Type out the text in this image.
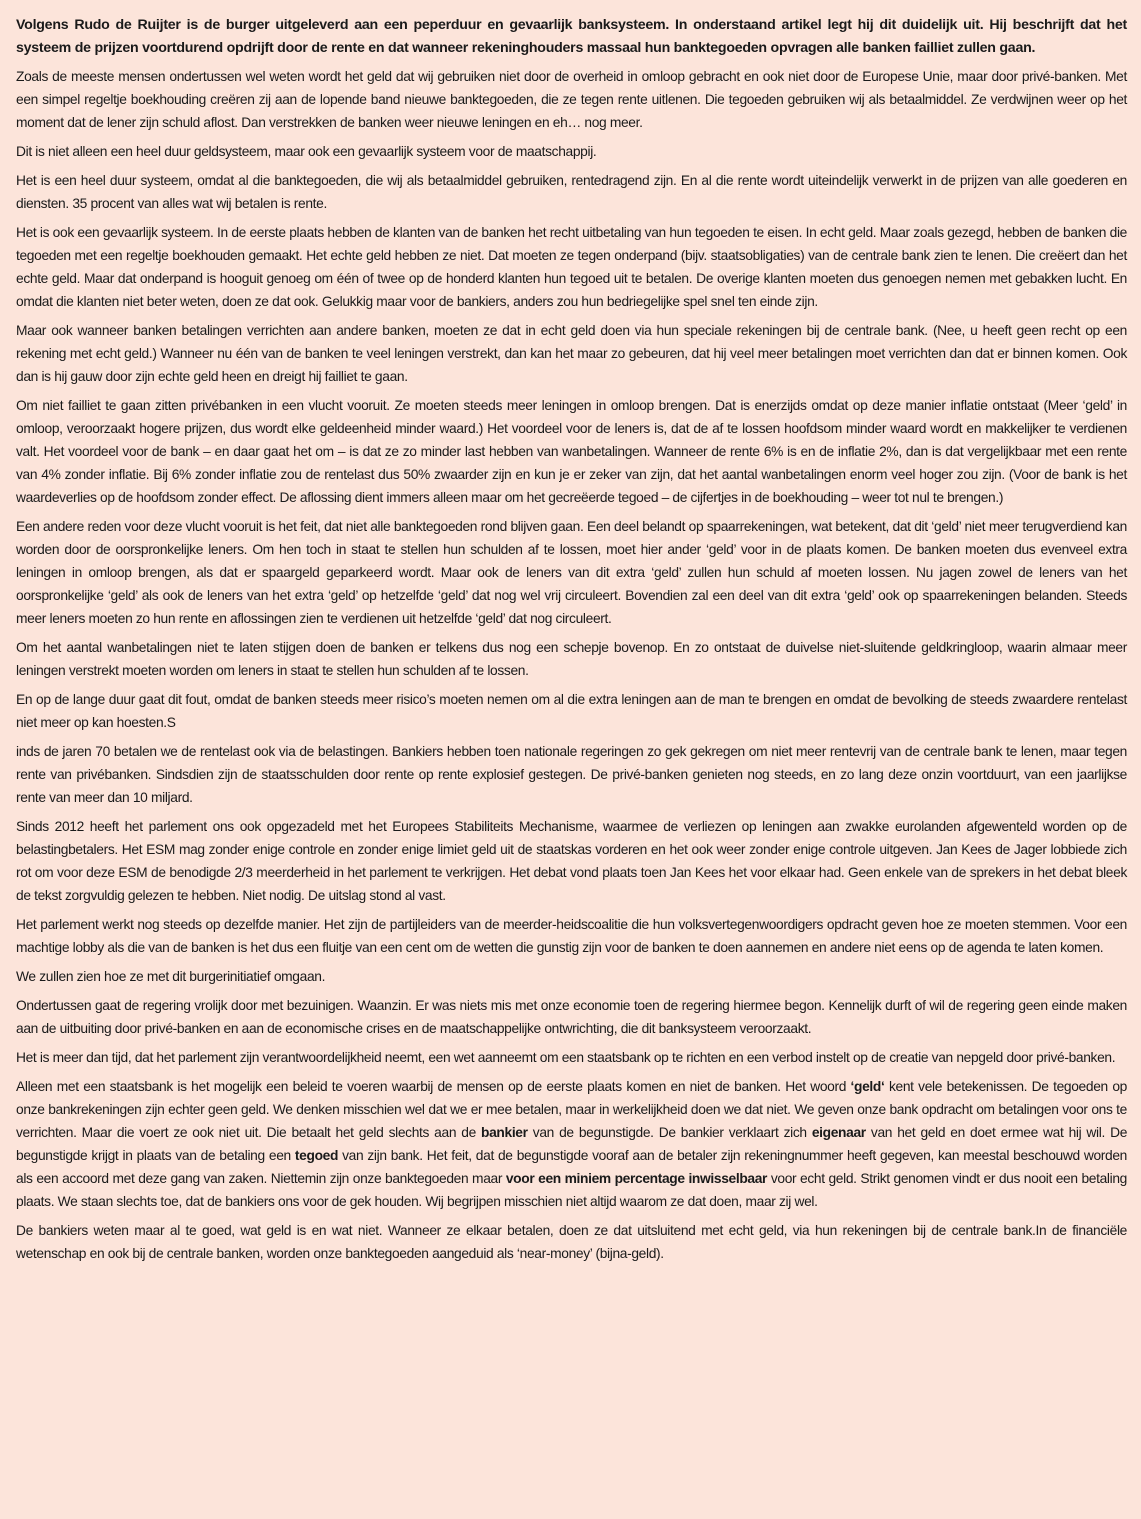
Volgens Rudo de Ruijter is de burger uitgeleverd aan een peperduur en gevaarlijk banksysteem. In onderstaand artikel legt hij dit duidelijk uit. Hij beschrijft dat het systeem de prijzen voortdurend opdrijft door de rente en dat wanneer rekeninghouders massaal hun banktegoeden opvragen alle banken failliet zullen gaan.

Zoals de meeste mensen ondertussen wel weten wordt het geld dat wij gebruiken niet door de overheid in omloop gebracht en ook niet door de Europese Unie, maar door privé-banken. Met een simpel regeltje boekhouding creëren zij aan de lopende band nieuwe banktegoeden, die ze tegen rente uitlenen. Die tegoeden gebruiken wij als betaalmiddel. Ze verdwijnen weer op het moment dat de lener zijn schuld aflost. Dan verstrekken de banken weer nieuwe leningen en eh… nog meer.

Dit is niet alleen een heel duur geldsysteem, maar ook een gevaarlijk systeem voor de maatschappij.

Het is een heel duur systeem, omdat al die banktegoeden, die wij als betaalmiddel gebruiken, rentedragend zijn. En al die rente wordt uiteindelijk verwerkt in de prijzen van alle goederen en diensten. 35 procent van alles wat wij betalen is rente.

Het is ook een gevaarlijk systeem. In de eerste plaats hebben de klanten van de banken het recht uitbetaling van hun tegoeden te eisen. In echt geld. Maar zoals gezegd, hebben de banken die tegoeden met een regeltje boekhouden gemaakt. Het echte geld hebben ze niet. Dat moeten ze tegen onderpand (bijv. staatsobligaties) van de centrale bank zien te lenen. Die creëert dan het echte geld. Maar dat onderpand is hooguit genoeg om één of twee op de honderd klanten hun tegoed uit te betalen. De overige klanten moeten dus genoegen nemen met gebakken lucht. En omdat die klanten niet beter weten, doen ze dat ook. Gelukkig maar voor de bankiers, anders zou hun bedriegelijke spel snel ten einde zijn.

Maar ook wanneer banken betalingen verrichten aan andere banken, moeten ze dat in echt geld doen via hun speciale rekeningen bij de centrale bank. (Nee, u heeft geen recht op een rekening met echt geld.) Wanneer nu één van de banken te veel leningen verstrekt, dan kan het maar zo gebeuren, dat hij veel meer betalingen moet verrichten dan dat er binnen komen. Ook dan is hij gauw door zijn echte geld heen en dreigt hij failliet te gaan.

Om niet failliet te gaan zitten privébanken in een vlucht vooruit. Ze moeten steeds meer leningen in omloop brengen. Dat is enerzijds omdat op deze manier inflatie ontstaat (Meer ‘geld’ in omloop, veroorzaakt hogere prijzen, dus wordt elke geldeenheid minder waard.) Het voordeel voor de leners is, dat de af te lossen hoofdsom minder waard wordt en makkelijker te verdienen valt. Het voordeel voor de bank – en daar gaat het om – is dat ze zo minder last hebben van wanbetalingen. Wanneer de rente 6% is en de inflatie 2%, dan is dat vergelijkbaar met een rente van 4% zonder inflatie. Bij 6% zonder inflatie zou de rentelast dus 50% zwaarder zijn en kun je er zeker van zijn, dat het aantal wanbetalingen enorm veel hoger zou zijn. (Voor de bank is het waardeverlies op de hoofdsom zonder effect. De aflossing dient immers alleen maar om het gecreëerde tegoed – de cijfertjes in de boekhouding – weer tot nul te brengen.)

Een andere reden voor deze vlucht vooruit is het feit, dat niet alle banktegoeden rond blijven gaan. Een deel belandt op spaarrekeningen, wat betekent, dat dit ‘geld’ niet meer terugverdiend kan worden door de oorspronkelijke leners. Om hen toch in staat te stellen hun schulden af te lossen, moet hier ander ‘geld’ voor in de plaats komen. De banken moeten dus evenveel extra leningen in omloop brengen, als dat er spaargeld geparkeerd wordt. Maar ook de leners van dit extra ‘geld’ zullen hun schuld af moeten lossen. Nu jagen zowel de leners van het oorspronkelijke ‘geld’ als ook de leners van het extra ‘geld’ op hetzelfde ‘geld’ dat nog wel vrij circuleert. Bovendien zal een deel van dit extra ‘geld’ ook op spaarrekeningen belanden. Steeds meer leners moeten zo hun rente en aflossingen zien te verdienen uit hetzelfde ‘geld’ dat nog circuleert.

Om het aantal wanbetalingen niet te laten stijgen doen de banken er telkens dus nog een schepje bovenop. En zo ontstaat de duivelse niet-sluitende geldkringloop, waarin almaar meer leningen verstrekt moeten worden om leners in staat te stellen hun schulden af te lossen.

En op de lange duur gaat dit fout, omdat de banken steeds meer risico’s moeten nemen om al die extra leningen aan de man te brengen en omdat de bevolking de steeds zwaardere rentelast niet meer op kan hoesten.S

inds de jaren 70 betalen we de rentelast ook via de belastingen. Bankiers hebben toen nationale regeringen zo gek gekregen om niet meer rentevrij van de centrale bank te lenen, maar tegen rente van privébanken. Sindsdien zijn de staatsschulden door rente op rente explosief gestegen. De privé-banken genieten nog steeds, en zo lang deze onzin voortduurt, van een jaarlijkse rente van meer dan 10 miljard.

Sinds 2012 heeft het parlement ons ook opgezadeld met het Europees Stabiliteits Mechanisme, waarmee de verliezen op leningen aan zwakke eurolanden afgewenteld worden op de belastingbetalers. Het ESM mag zonder enige controle en zonder enige limiet geld uit de staatskas vorderen en het ook weer zonder enige controle uitgeven. Jan Kees de Jager lobbiede zich rot om voor deze ESM de benodigde 2/3 meerderheid in het parlement te verkrijgen. Het debat vond plaats toen Jan Kees het voor elkaar had. Geen enkele van de sprekers in het debat bleek de tekst zorgvuldig gelezen te hebben. Niet nodig. De uitslag stond al vast.

Het parlement werkt nog steeds op dezelfde manier. Het zijn de partijleiders van de meerder-heidscoalitie die hun volksvertegenwoordigers opdracht geven hoe ze moeten stemmen. Voor een machtige lobby als die van de banken is het dus een fluitje van een cent om de wetten die gunstig zijn voor de banken te doen aannemen en andere niet eens op de agenda te laten komen.

We zullen zien hoe ze met dit burgerinitiatief omgaan.

Ondertussen gaat de regering vrolijk door met bezuinigen. Waanzin. Er was niets mis met onze economie toen de regering hiermee begon. Kennelijk durft of wil de regering geen einde maken aan de uitbuiting door privé-banken en aan de economische crises en de maatschappelijke ontwrichting, die dit banksysteem veroorzaakt.

Het is meer dan tijd, dat het parlement zijn verantwoordelijkheid neemt, een wet aanneemt om een staatsbank op te richten en een verbod instelt op de creatie van nepgeld door privé-banken.

Alleen met een staatsbank is het mogelijk een beleid te voeren waarbij de mensen op de eerste plaats komen en niet de banken. Het woord ‘geld‘ kent vele betekenissen. De tegoeden op onze bankrekeningen zijn echter geen geld. We denken misschien wel dat we er mee betalen, maar in werkelijkheid doen we dat niet. We geven onze bank opdracht om betalingen voor ons te verrichten. Maar die voert ze ook niet uit. Die betaalt het geld slechts aan de bankier van de begunstigde. De bankier verklaart zich eigenaar van het geld en doet ermee wat hij wil. De begunstigde krijgt in plaats van de betaling een tegoed van zijn bank. Het feit, dat de begunstigde vooraf aan de betaler zijn rekeningnummer heeft gegeven, kan meestal beschouwd worden als een accoord met deze gang van zaken. Niettemin zijn onze banktegoeden maar voor een miniem percentage inwisselbaar voor echt geld. Strikt genomen vindt er dus nooit een betaling plaats. We staan slechts toe, dat de bankiers ons voor de gek houden. Wij begrijpen misschien niet altijd waarom ze dat doen, maar zij wel.

De bankiers weten maar al te goed, wat geld is en wat niet. Wanneer ze elkaar betalen, doen ze dat uitsluitend met echt geld, via hun rekeningen bij de centrale bank.In de financiële wetenschap en ook bij de centrale banken, worden onze banktegoeden aangeduid als ‘near-money’ (bijna-geld).
